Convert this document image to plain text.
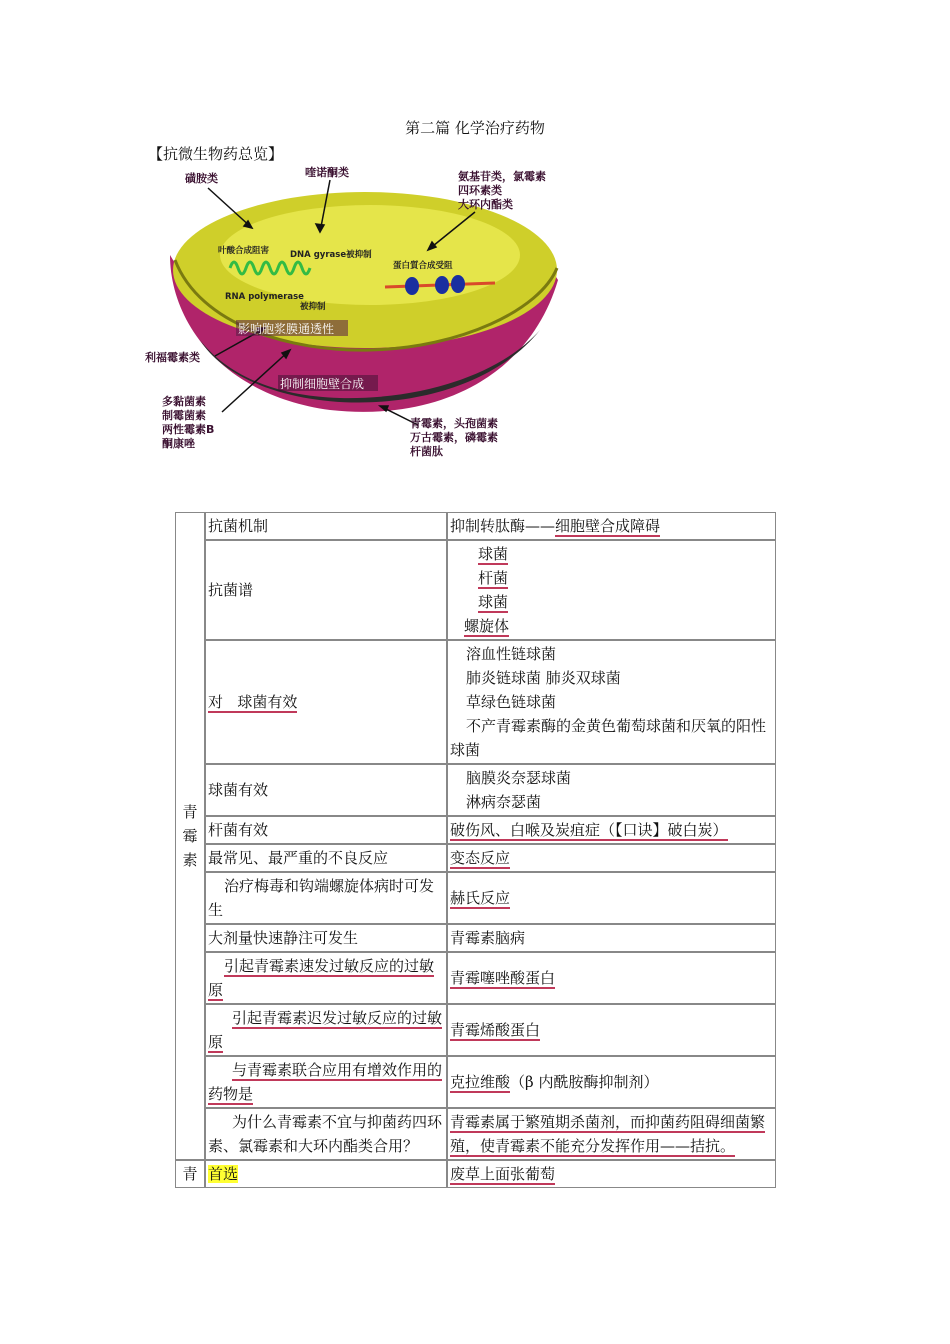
第二篇 化学治疗药物
【抗微生物药总览】
磺胺类	喹诺酮类	氨基苷类，氯霉素
四环素类
大环内酯类
叶酸合成阻害 DNA gyrase被抑制
蛋白質合成受阻
RNA polymerase
被抑制
影响胞浆膜通透性
利福霉素类
抑制细胞壁合成
多黏菌素
制霉菌素
两性霉素B
酮康唑
青霉素，头孢菌素
万古霉素，磷霉素
杆菌肽
青霉素	抗菌机制	抑制转肽酶——细胞壁合成障碍
	抗菌谱	球菌
杆菌
球菌
螺旋体

	对 球菌有效	溶血性链球菌
肺炎链球菌 肺炎双球菌
草绿色链球菌
不产青霉素酶的金黄色葡萄球菌和厌氧的阳性球菌

	球菌有效	脑膜炎奈瑟球菌
淋病奈瑟菌

	杆菌有效	破伤风、白喉及炭疽症（【口诀】破白炭）
	最常见、最严重的不良反应	变态反应
	治疗梅毒和钩端螺旋体病时可发生	赫氏反应
	大剂量快速静注可发生	青霉素脑病
	引起青霉素速发过敏反应的过敏原	青霉噻唑酸蛋白
	引起青霉素迟发过敏反应的过敏原	青霉烯酸蛋白
	与青霉素联合应用有增效作用的药物是	克拉维酸（β 内酰胺酶抑制剂）
	为什么青霉素不宜与抑菌药四环素、氯霉素和大环内酯类合用？	青霉素属于繁殖期杀菌剂，而抑菌药阻碍细菌繁殖，使青霉素不能充分发挥作用——拮抗。
青	首选	废草上面张葡萄
